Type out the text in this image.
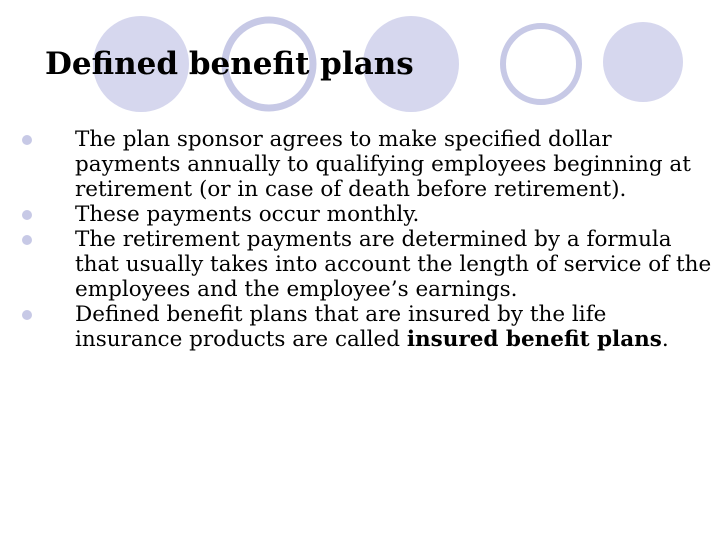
Defined benefit plans
The plan sponsor agrees to make specified dollar payments annually to qualifying employees beginning at retirement (or in case of death before retirement).
These payments occur monthly.
The retirement payments are determined by a formula that usually takes into account the length of service of the employees and the employee’s earnings.
Defined benefit plans that are insured by the life insurance products are called insured benefit plans.
